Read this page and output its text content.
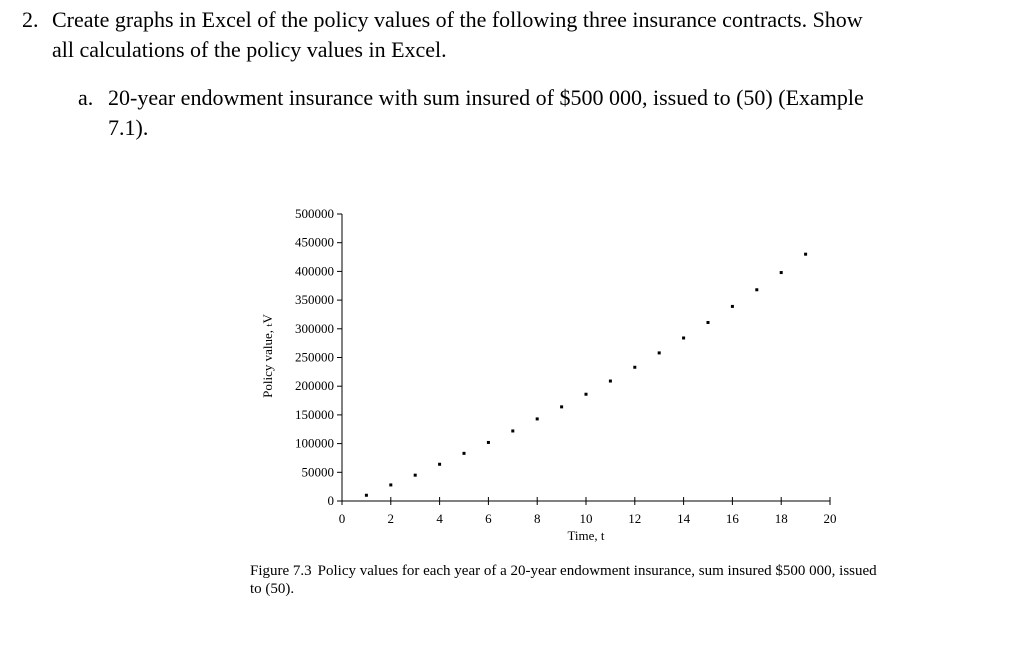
2. Create graphs in Excel of the policy values of the following three insurance contracts. Show
all calculations of the policy values in Excel.
a. 20-year endowment insurance with sum insured of $500 000, issued to (50) (Example
7.1).
0
50000
100000
150000
200000
250000
300000
350000
400000
450000
500000
0	2	4	6	8	10	12	14	16	18	20
Time, t
Policy value, ₜV
Figure 7.3 Policy values for each year of a 20-year endowment insurance, sum insured $500 000, issued to (50).
